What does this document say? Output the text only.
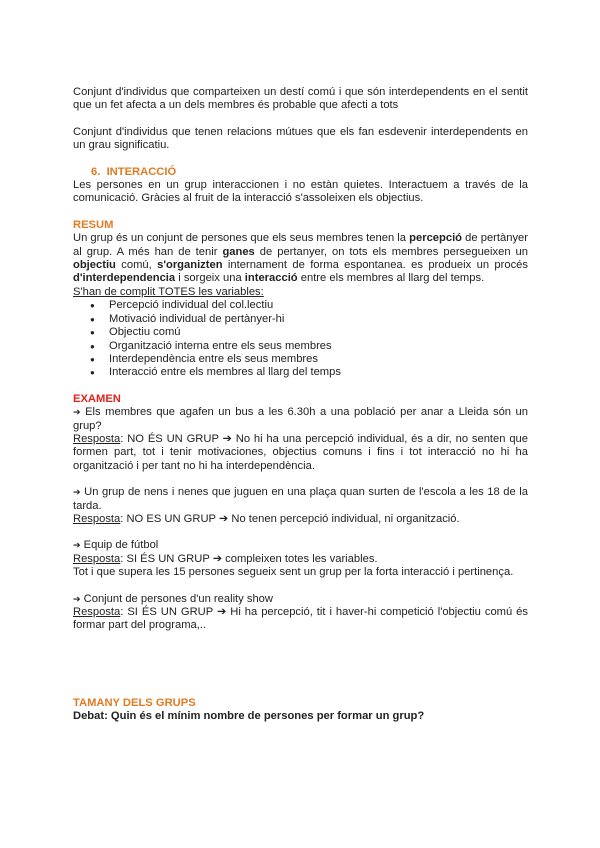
Conjunt d'individus que comparteixen un destí comú i que són interdependents en el sentit que un fet afecta a un dels membres és probable que afecti a tots

Conjunt d'individus que tenen relacions mútues que els fan esdevenir interdependents en un grau significatiu.

6. INTERACCIÓ

Les persones en un grup interaccionen i no estàn quietes. Interactuem a través de la comunicació. Gràcies al fruit de la interacció s'assoleixen els objectius.

RESUM

Un grup és un conjunt de persones que els seus membres tenen la percepció de pertànyer al grup. A més han de tenir ganes de pertanyer, on tots els membres persegueixen un objectiu comú, s'organizten internament de forma espontanea. es produeix un procés d'interdependencia i sorgeix una interacció entre els membres al llarg del temps.

S'han de complit TOTES les variables:

● Percepció individual del col.lectiu
● Motivació individual de pertànyer-hi
● Objectiu comú
● Organització interna entre els seus membres
● Interdependència entre els seus membres
● Interacció entre els membres al llarg del temps

EXAMEN

➔ Els membres que agafen un bus a les 6.30h a una població per anar a Lleida són un grup?

Resposta: NO ÉS UN GRUP ➔ No hi ha una percepció individual, és a dir, no senten que formen part, tot i tenir motivaciones, objectius comuns i fins i tot interacció no hi ha organització i per tant no hi ha interdependència.

➔ Un grup de nens i nenes que juguen en una plaça quan surten de l'escola a les 18 de la tarda.

Resposta: NO ES UN GRUP ➔ No tenen percepció individual, ni organització.

➔ Equip de fútbol

Resposta: SI ÉS UN GRUP ➔ compleixen totes les variables.

Tot i que supera les 15 persones segueix sent un grup per la forta interacció i pertinença.

➔ Conjunt de persones d'un reality show

Resposta: SI ÉS UN GRUP ➔ Hi ha percepció, tit i haver-hi competició l'objectiu comú és formar part del programa,..

TAMANY DELS GRUPS

Debat: Quin és el mínim nombre de persones per formar un grup?
